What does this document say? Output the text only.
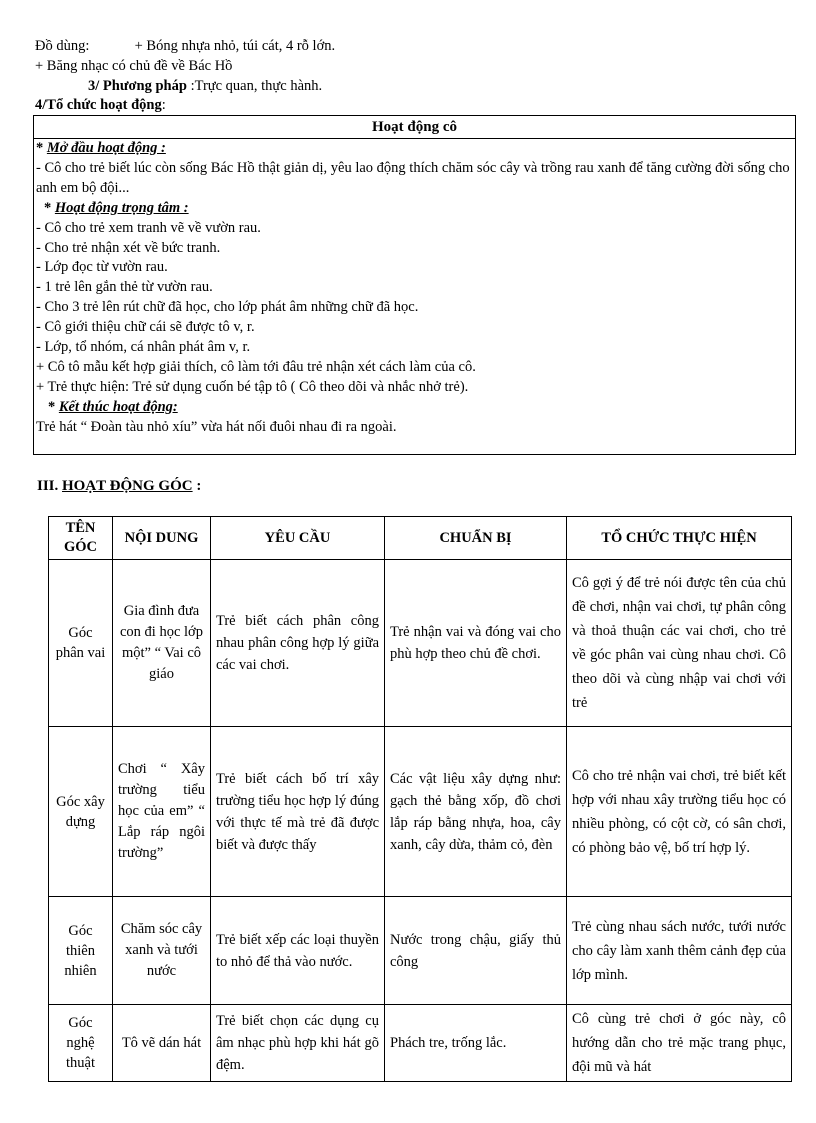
Đồ dùng:	+ Bóng nhựa nhỏ, túi cát, 4 rỗ lớn.
+ Băng nhạc có chủ đề về Bác Hồ
3/ Phương pháp :Trực quan, thực hành.
4/Tổ chức hoạt động:
Hoạt động cô
* Mở đầu hoạt động :
- Cô cho trẻ biết lúc còn sống Bác Hồ thật giản dị, yêu lao động thích chăm sóc cây và trồng rau xanh để tăng cường đời sống cho anh em bộ đội...
* Hoạt động trọng tâm :
- Cô cho trẻ xem tranh vẽ về vườn rau.
- Cho trẻ nhận xét về bức tranh.
- Lớp đọc từ vườn rau.
- 1 trẻ lên gắn thẻ từ vườn rau.
- Cho 3 trẻ lên rút chữ đã học, cho lớp phát âm những chữ đã học.
- Cô giới thiệu chữ cái sẽ được tô v, r.
- Lớp, tổ nhóm, cá nhân phát âm v, r.
+ Cô tô mẫu kết hợp giải thích, cô làm tới đâu trẻ nhận xét cách làm của cô.
+ Trẻ thực hiện: Trẻ sử dụng cuốn bé tập tô ( Cô theo dõi và nhắc nhở trẻ).
* Kết thúc hoạt động:
Trẻ hát “ Đoàn tàu nhỏ xíu” vừa hát nối đuôi nhau đi ra ngoài.
III. HOẠT ĐỘNG GÓC :
TÊN GÓC	NỘI DUNG	YÊU CẦU	CHUẨN BỊ	TỔ CHỨC THỰC HIỆN
Góc phân vai	Gia đình đưa con đi học lớp một” “ Vai cô giáo	Trẻ biết cách phân công nhau phân công hợp lý giữa các vai chơi.	Trẻ nhận vai và đóng vai cho phù hợp theo chủ đề chơi.	Cô gợi ý để trẻ nói được tên của chủ đề chơi, nhận vai chơi, tự phân công và thoả thuận các vai chơi, cho trẻ về góc phân vai cùng nhau chơi. Cô theo dõi và cùng nhập vai chơi với trẻ
Góc xây dựng	Chơi “ Xây trường tiểu học của em” “ Lắp ráp ngôi trường”	Trẻ biết cách bố trí xây trường tiểu học hợp lý đúng với thực tế mà trẻ đã được biết và được thấy	Các vật liệu xây dựng như: gạch thẻ bằng xốp, đồ chơi lắp ráp bằng nhựa, hoa, cây xanh, cây dừa, thảm cỏ, đèn	Cô cho trẻ nhận vai chơi, trẻ biết kết hợp với nhau xây trường tiểu học có nhiều phòng, có cột cờ, có sân chơi, có phòng bảo vệ, bố trí hợp lý.
Góc thiên nhiên	Chăm sóc cây xanh và tưới nước	Trẻ biết xếp các loại thuyền to nhỏ để thả vào nước.	Nước trong chậu, giấy thủ công	Trẻ cùng nhau sách nước, tưới nước cho cây làm xanh thêm cảnh đẹp của lớp mình.
Góc nghệ thuật	Tô vẽ dán hát	Trẻ biết chọn các dụng cụ âm nhạc phù hợp khi hát gõ đệm.	Phách tre, trống lắc.	Cô cùng trẻ chơi ở góc này, cô hướng dẫn cho trẻ mặc trang phục, đội mũ và hát
